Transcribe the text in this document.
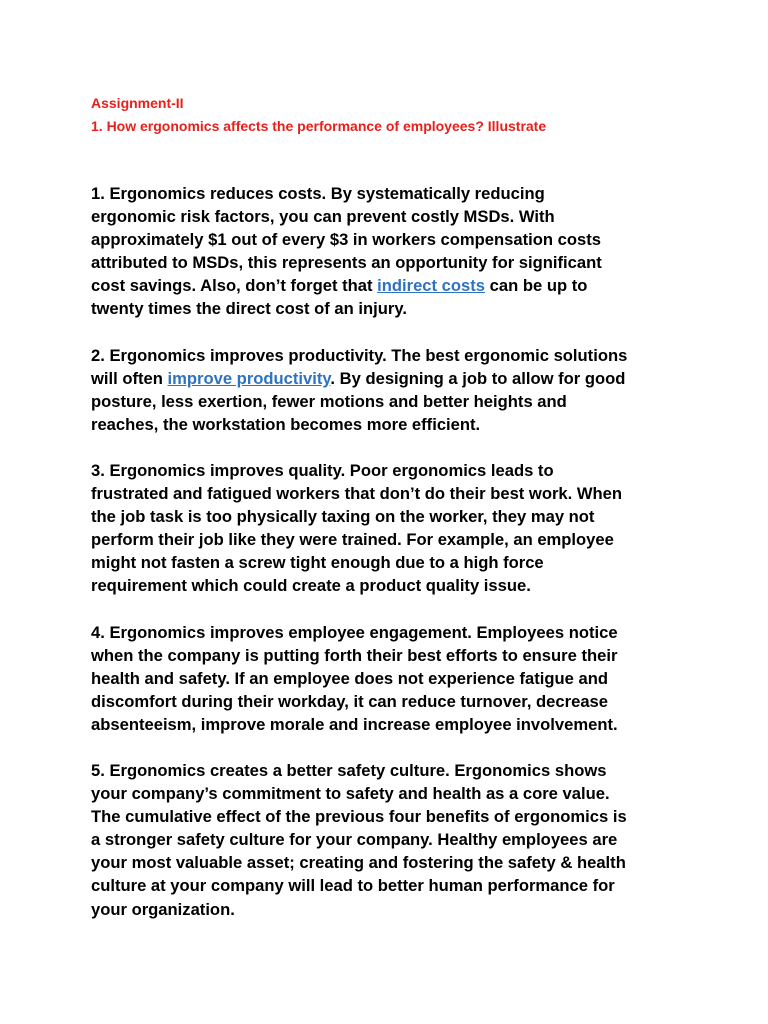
Assignment-II
1. How ergonomics affects the performance of employees? Illustrate
1. Ergonomics reduces costs. By systematically reducing
ergonomic risk factors, you can prevent costly MSDs. With
approximately $1 out of every $3 in workers compensation costs
attributed to MSDs, this represents an opportunity for significant
cost savings. Also, don’t forget that indirect costs can be up to
twenty times the direct cost of an injury.
2. Ergonomics improves productivity. The best ergonomic solutions
will often improve productivity. By designing a job to allow for good
posture, less exertion, fewer motions and better heights and
reaches, the workstation becomes more efficient.
3. Ergonomics improves quality. Poor ergonomics leads to
frustrated and fatigued workers that don’t do their best work. When
the job task is too physically taxing on the worker, they may not
perform their job like they were trained. For example, an employee
might not fasten a screw tight enough due to a high force
requirement which could create a product quality issue.
4. Ergonomics improves employee engagement. Employees notice
when the company is putting forth their best efforts to ensure their
health and safety. If an employee does not experience fatigue and
discomfort during their workday, it can reduce turnover, decrease
absenteeism, improve morale and increase employee involvement.
5. Ergonomics creates a better safety culture. Ergonomics shows
your company’s commitment to safety and health as a core value.
The cumulative effect of the previous four benefits of ergonomics is
a stronger safety culture for your company. Healthy employees are
your most valuable asset; creating and fostering the safety & health
culture at your company will lead to better human performance for
your organization.
